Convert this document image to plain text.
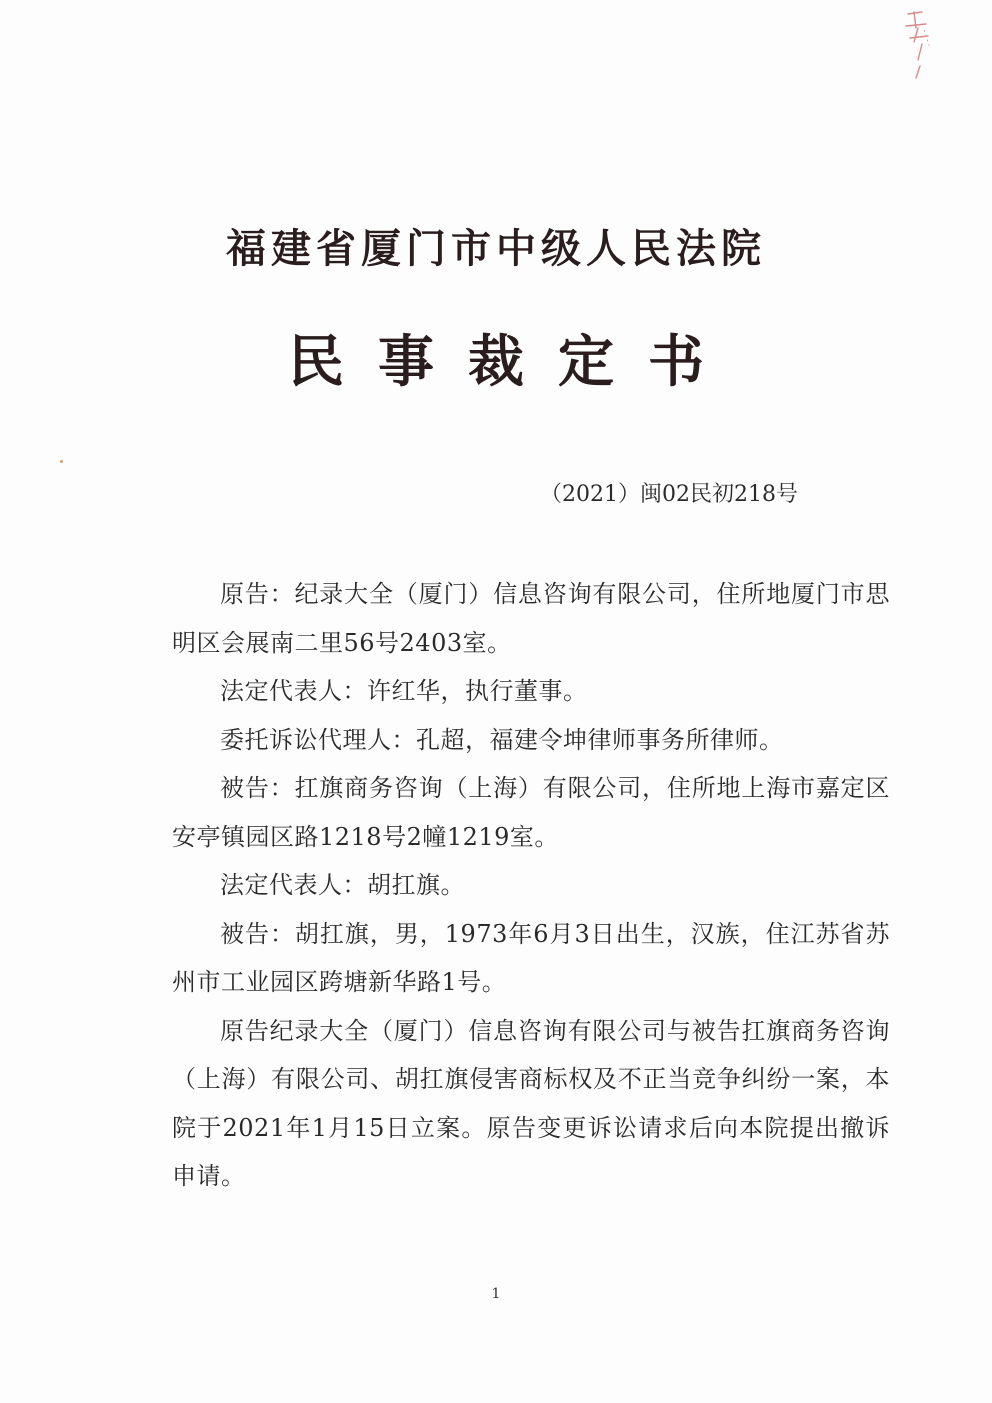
福建省厦门市中级人民法院
民事裁定书
（2021）闽02民初218号

原告：纪录大全（厦门）信息咨询有限公司，住所地厦门市思明区会展南二里56号2403室。

法定代表人：许红华，执行董事。

委托诉讼代理人：孔超，福建令坤律师事务所律师。

被告：扛旗商务咨询（上海）有限公司，住所地上海市嘉定区安亭镇园区路1218号2幢1219室。

法定代表人：胡扛旗。

被告：胡扛旗，男，1973年6月3日出生，汉族，住江苏省苏州市工业园区跨塘新华路1号。

原告纪录大全（厦门）信息咨询有限公司与被告扛旗商务咨询（上海）有限公司、胡扛旗侵害商标权及不正当竞争纠纷一案，本院于2021年1月15日立案。原告变更诉讼请求后向本院提出撤诉申请。

1
